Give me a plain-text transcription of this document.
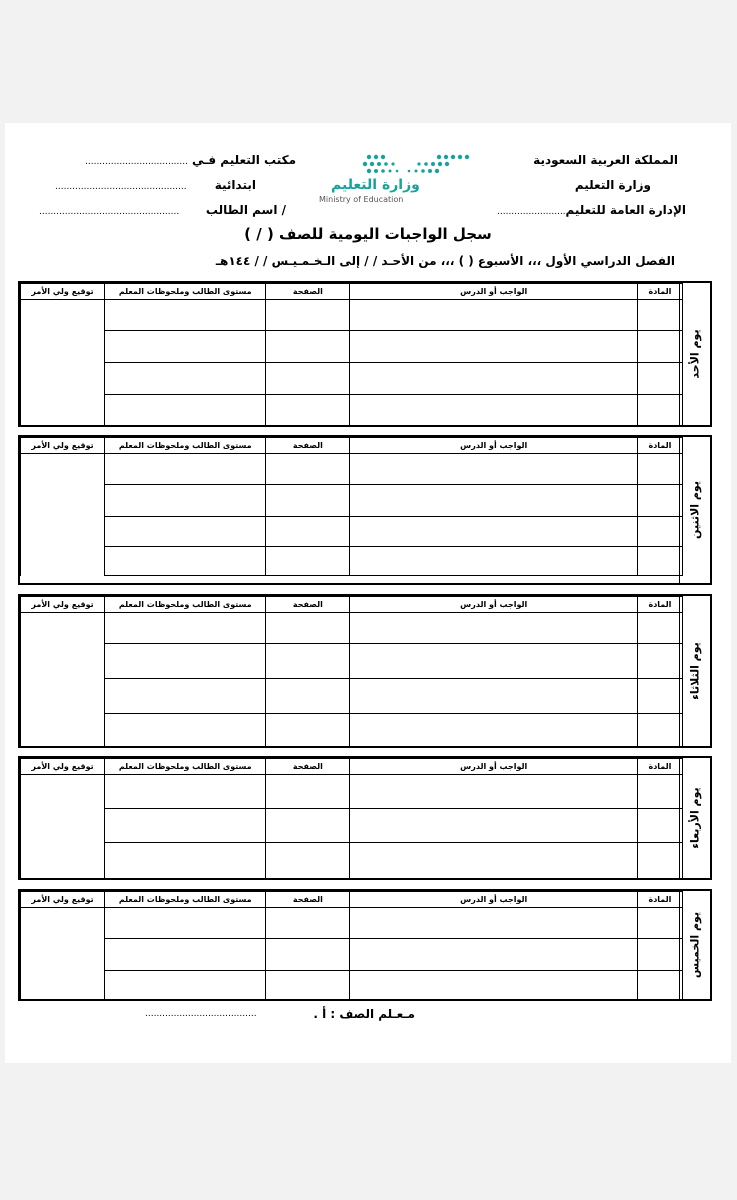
المملكة العربية السعودية
وزارة التعليم
الإدارة العامة للتعليم
..............................
مكتب التعليم فـي
....................................
ابتدائية
..............................................
اسم الطالب /
.................................................
وزارة التعليم
Ministry of Education
سجل الواجبات اليومية للصف ( / )
الفصل الدراسي الأول ،،، الأسبوع ( ) ،،، من الأحـد / / إلى الـخـمـيـس / / ١٤٤هـ
توقيع ولي الأمر	مستوى الطالب وملحوظات المعلم	الصفحة	الواجب أو الدرس	المادة

يوم الأحد
توقيع ولي الأمر	مستوى الطالب وملحوظات المعلم	الصفحة	الواجب أو الدرس	المادة

يوم الاثنين
توقيع ولي الأمر	مستوى الطالب وملحوظات المعلم	الصفحة	الواجب أو الدرس	المادة

يوم الثلاثاء
توقيع ولي الأمر	مستوى الطالب وملحوظات المعلم	الصفحة	الواجب أو الدرس	المادة

يوم الأربعاء
توقيع ولي الأمر	مستوى الطالب وملحوظات المعلم	الصفحة	الواجب أو الدرس	المادة

يوم الخميس
مـعـلم الصف : أ .
.......................................
